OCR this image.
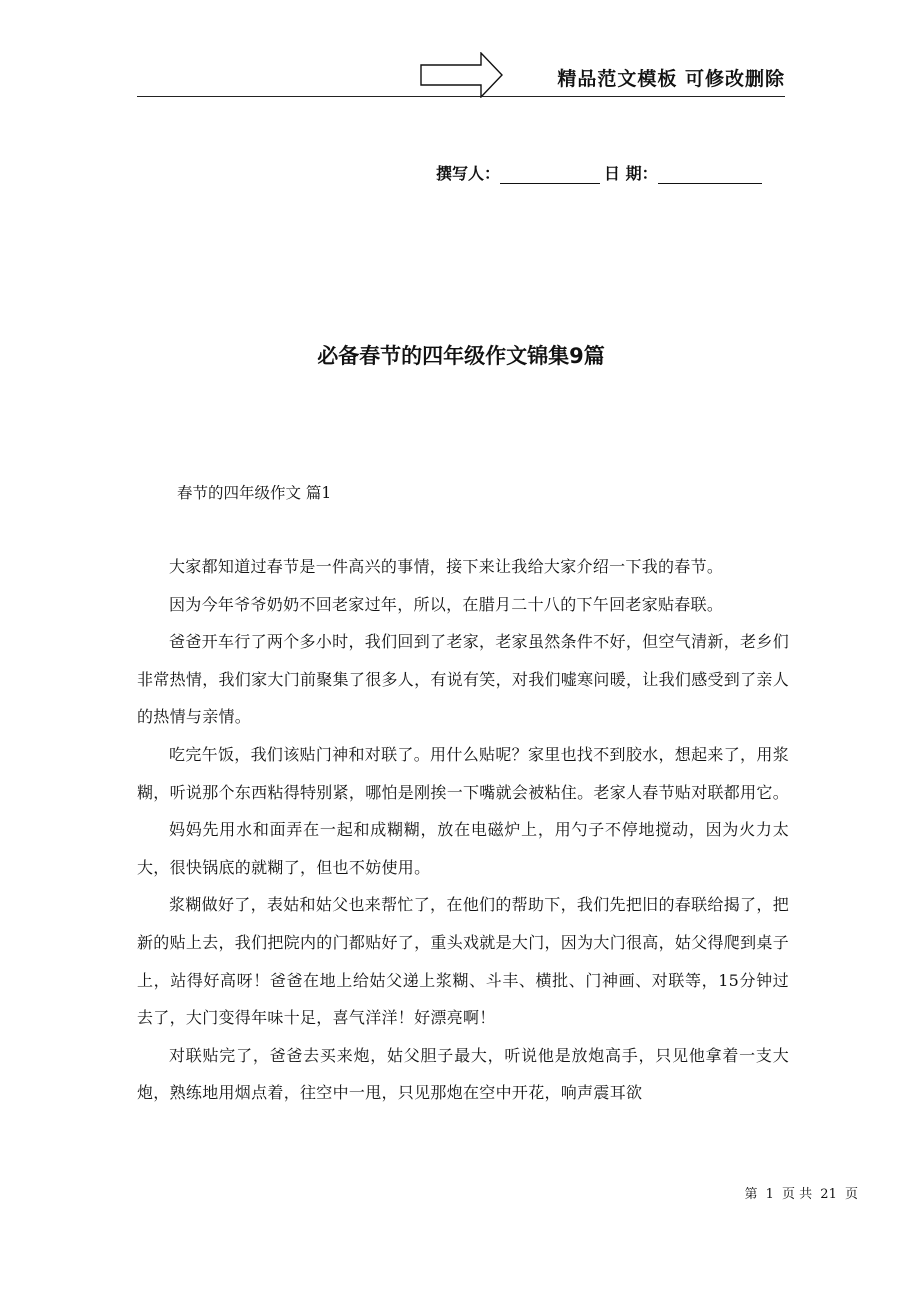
精品范文模板 可修改删除
撰写人：	日 期：
必备春节的四年级作文锦集9篇
春节的四年级作文 篇1

大家都知道过春节是一件高兴的事情，接下来让我给大家介绍一下我的春节。

因为今年爷爷奶奶不回老家过年，所以，在腊月二十八的下午回老家贴春联。

爸爸开车行了两个多小时，我们回到了老家，老家虽然条件不好，但空气清新，老乡们非常热情，我们家大门前聚集了很多人，有说有笑，对我们嘘寒问暖，让我们感受到了亲人的热情与亲情。

吃完午饭，我们该贴门神和对联了。用什么贴呢？家里也找不到胶水，想起来了，用浆糊，听说那个东西粘得特别紧，哪怕是刚挨一下嘴就会被粘住。老家人春节贴对联都用它。

妈妈先用水和面弄在一起和成糊糊，放在电磁炉上，用勺子不停地搅动，因为火力太大，很快锅底的就糊了，但也不妨使用。

浆糊做好了，表姑和姑父也来帮忙了，在他们的帮助下，我们先把旧的春联给揭了，把新的贴上去，我们把院内的门都贴好了，重头戏就是大门，因为大门很高，姑父得爬到桌子上，站得好高呀！爸爸在地上给姑父递上浆糊、斗丰、横批、门神画、对联等，15分钟过去了，大门变得年味十足，喜气洋洋！好漂亮啊！

对联贴完了，爸爸去买来炮，姑父胆子最大，听说他是放炮高手，只见他拿着一支大炮，熟练地用烟点着，往空中一甩，只见那炮在空中开花，响声震耳欲

第 1 页 共 21 页
